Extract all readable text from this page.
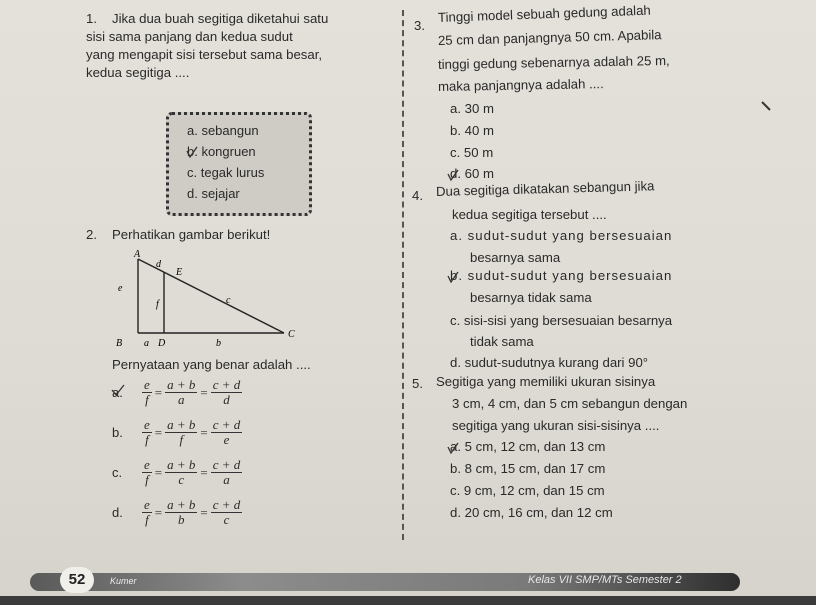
1. Jika dua buah segitiga diketahui satu
sisi sama panjang dan kedua sudut
yang mengapit sisi tersebut sama besar,
kedua segitiga ....
a. sebangun
b. kongruen
c. tegak lurus
d. sejajar
2. Perhatikan gambar berikut!
A
d
E
e
f	c
C
B a D	b
Pernyataan yang benar adalah ....
a.	$\frac{e}{f} = \frac{a + b}{a} = \frac{c + d}{d}$
b.	$\frac{e}{f} = \frac{a + b}{f} = \frac{c + d}{e}$
c.	$\frac{e}{f} = \frac{a + b}{c} = \frac{c + d}{a}$
d.	$\frac{e}{f} = \frac{a + b}{b} = \frac{c + d}{c}$
3.
Tinggi model sebuah gedung adalah
25 cm dan panjangnya 50 cm. Apabila
tinggi gedung sebenarnya adalah 25 m,
maka panjangnya adalah ....
a. 30 m
b. 40 m
c. 50 m
d. 60 m
4. Dua segitiga dikatakan sebangun jika
kedua segitiga tersebut ....
a. sudut-sudut yang bersesuaian
besarnya sama
b. sudut-sudut yang bersesuaian
besarnya tidak sama
c. sisi-sisi yang bersesuaian besarnya
tidak sama
d. sudut-sudutnya kurang dari 90°
5. Segitiga yang memiliki ukuran sisinya
3 cm, 4 cm, dan 5 cm sebangun dengan
segitiga yang ukuran sisi-sisinya ....
a. 5 cm, 12 cm, dan 13 cm
b. 8 cm, 15 cm, dan 17 cm
c. 9 cm, 12 cm, dan 15 cm
d. 20 cm, 16 cm, dan 12 cm
52	Kumer	Kelas VII SMP/MTs Semester 2
